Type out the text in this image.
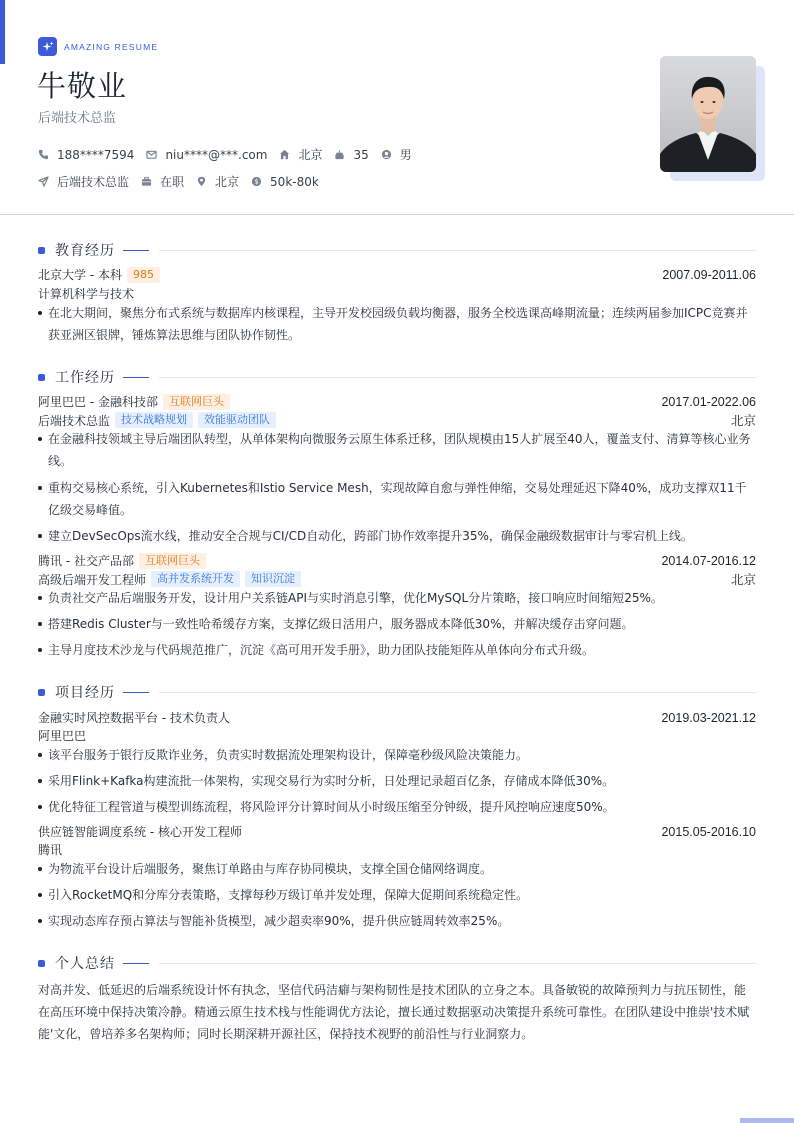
AMAZING RESUME
牛敬业
后端技术总监
188****7594	niu****@***.com	北京	35	男
后端技术总监	在职	北京 $ 50k-80k
教育经历
北京大学 - 本科	985	2007.09-2011.06
计算机科学与技术
在北大期间，聚焦分布式系统与数据库内核课程，主导开发校园级负载均衡器，服务全校选课高峰期流量；连续两届参加ICPC竞赛并获亚洲区银牌，锤炼算法思维与团队协作韧性。
工作经历
阿里巴巴 - 金融科技部	互联网巨头	2017.01-2022.06
后端技术总监	技术战略规划	效能驱动团队	北京
在金融科技领域主导后端团队转型，从单体架构向微服务云原生体系迁移，团队规模由15人扩展至40人，覆盖支付、清算等核心业务线。
重构交易核心系统，引入Kubernetes和Istio Service Mesh，实现故障自愈与弹性伸缩，交易处理延迟下降40%，成功支撑双11千亿级交易峰值。
建立DevSecOps流水线，推动安全合规与CI/CD自动化，跨部门协作效率提升35%，确保金融级数据审计与零宕机上线。
腾讯 - 社交产品部	互联网巨头	2014.07-2016.12
高级后端开发工程师	高并发系统开发	知识沉淀	北京
负责社交产品后端服务开发，设计用户关系链API与实时消息引擎，优化MySQL分片策略，接口响应时间缩短25%。
搭建Redis Cluster与一致性哈希缓存方案，支撑亿级日活用户，服务器成本降低30%，并解决缓存击穿问题。
主导月度技术沙龙与代码规范推广，沉淀《高可用开发手册》，助力团队技能矩阵从单体向分布式升级。
项目经历
金融实时风控数据平台 - 技术负责人	2019.03-2021.12
阿里巴巴
该平台服务于银行反欺诈业务，负责实时数据流处理架构设计，保障毫秒级风险决策能力。
采用Flink+Kafka构建流批一体架构，实现交易行为实时分析，日处理记录超百亿条，存储成本降低30%。
优化特征工程管道与模型训练流程，将风险评分计算时间从小时级压缩至分钟级，提升风控响应速度50%。
供应链智能调度系统 - 核心开发工程师	2015.05-2016.10
腾讯
为物流平台设计后端服务，聚焦订单路由与库存协同模块，支撑全国仓储网络调度。
引入RocketMQ和分库分表策略，支撑每秒万级订单并发处理，保障大促期间系统稳定性。
实现动态库存预占算法与智能补货模型，减少超卖率90%，提升供应链周转效率25%。
个人总结
对高并发、低延迟的后端系统设计怀有执念，坚信代码洁癖与架构韧性是技术团队的立身之本。具备敏锐的故障预判力与抗压韧性，能在高压环境中保持决策冷静。精通云原生技术栈与性能调优方法论，擅长通过数据驱动决策提升系统可靠性。在团队建设中推崇'技术赋能'文化，曾培养多名架构师；同时长期深耕开源社区，保持技术视野的前沿性与行业洞察力。
